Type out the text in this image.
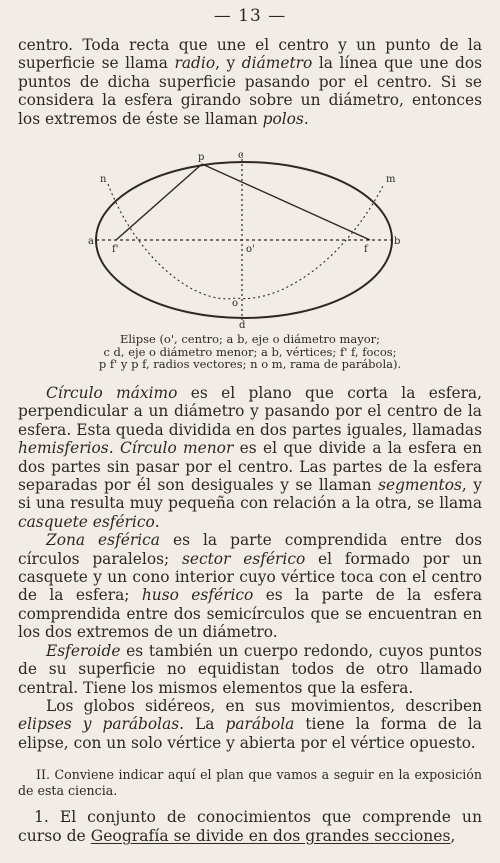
— 13 —

centro. Toda recta que une el centro y un punto de la superficie se llama radio, y diámetro la línea que une dos puntos de dicha superficie pasando por el centro. Si se considera la esfera girando sobre un diámetro, entonces los extremos de éste se llaman polos.

p	c
n	m
a	b
f'	f
o'
o
d
Elipse (o', centro; a b, eje o diámetro mayor;
c d, eje o diámetro menor; a b, vértices; f' f, focos;
p f' y p f, radios vectores; n o m, rama de parábola).

Círculo máximo es el plano que corta la esfera, perpendicular a un diámetro y pasando por el centro de la esfera. Esta queda dividida en dos partes iguales, llamadas hemisferios. Círculo menor es el que divide a la esfera en dos partes sin pasar por el centro. Las partes de la esfera separadas por él son desiguales y se llaman segmentos, y si una resulta muy pequeña con relación a la otra, se llama casquete esférico.

Zona esférica es la parte comprendida entre dos círculos paralelos; sector esférico el formado por un casquete y un cono interior cuyo vértice toca con el centro de la esfera; huso esférico es la parte de la esfera comprendida entre dos semicírculos que se encuentran en los dos extremos de un diámetro.

Esferoide es también un cuerpo redondo, cuyos puntos de su superficie no equidistan todos de otro llamado central. Tiene los mismos elementos que la esfera.

Los globos sidéreos, en sus movimientos, describen elipses y parábolas. La parábola tiene la forma de la elipse, con un solo vértice y abierta por el vértice opuesto.

II. Conviene indicar aquí el plan que vamos a seguir en la exposición de esta ciencia.

1. El conjunto de conocimientos que comprende un curso de Geografía se divide en dos grandes secciones,
